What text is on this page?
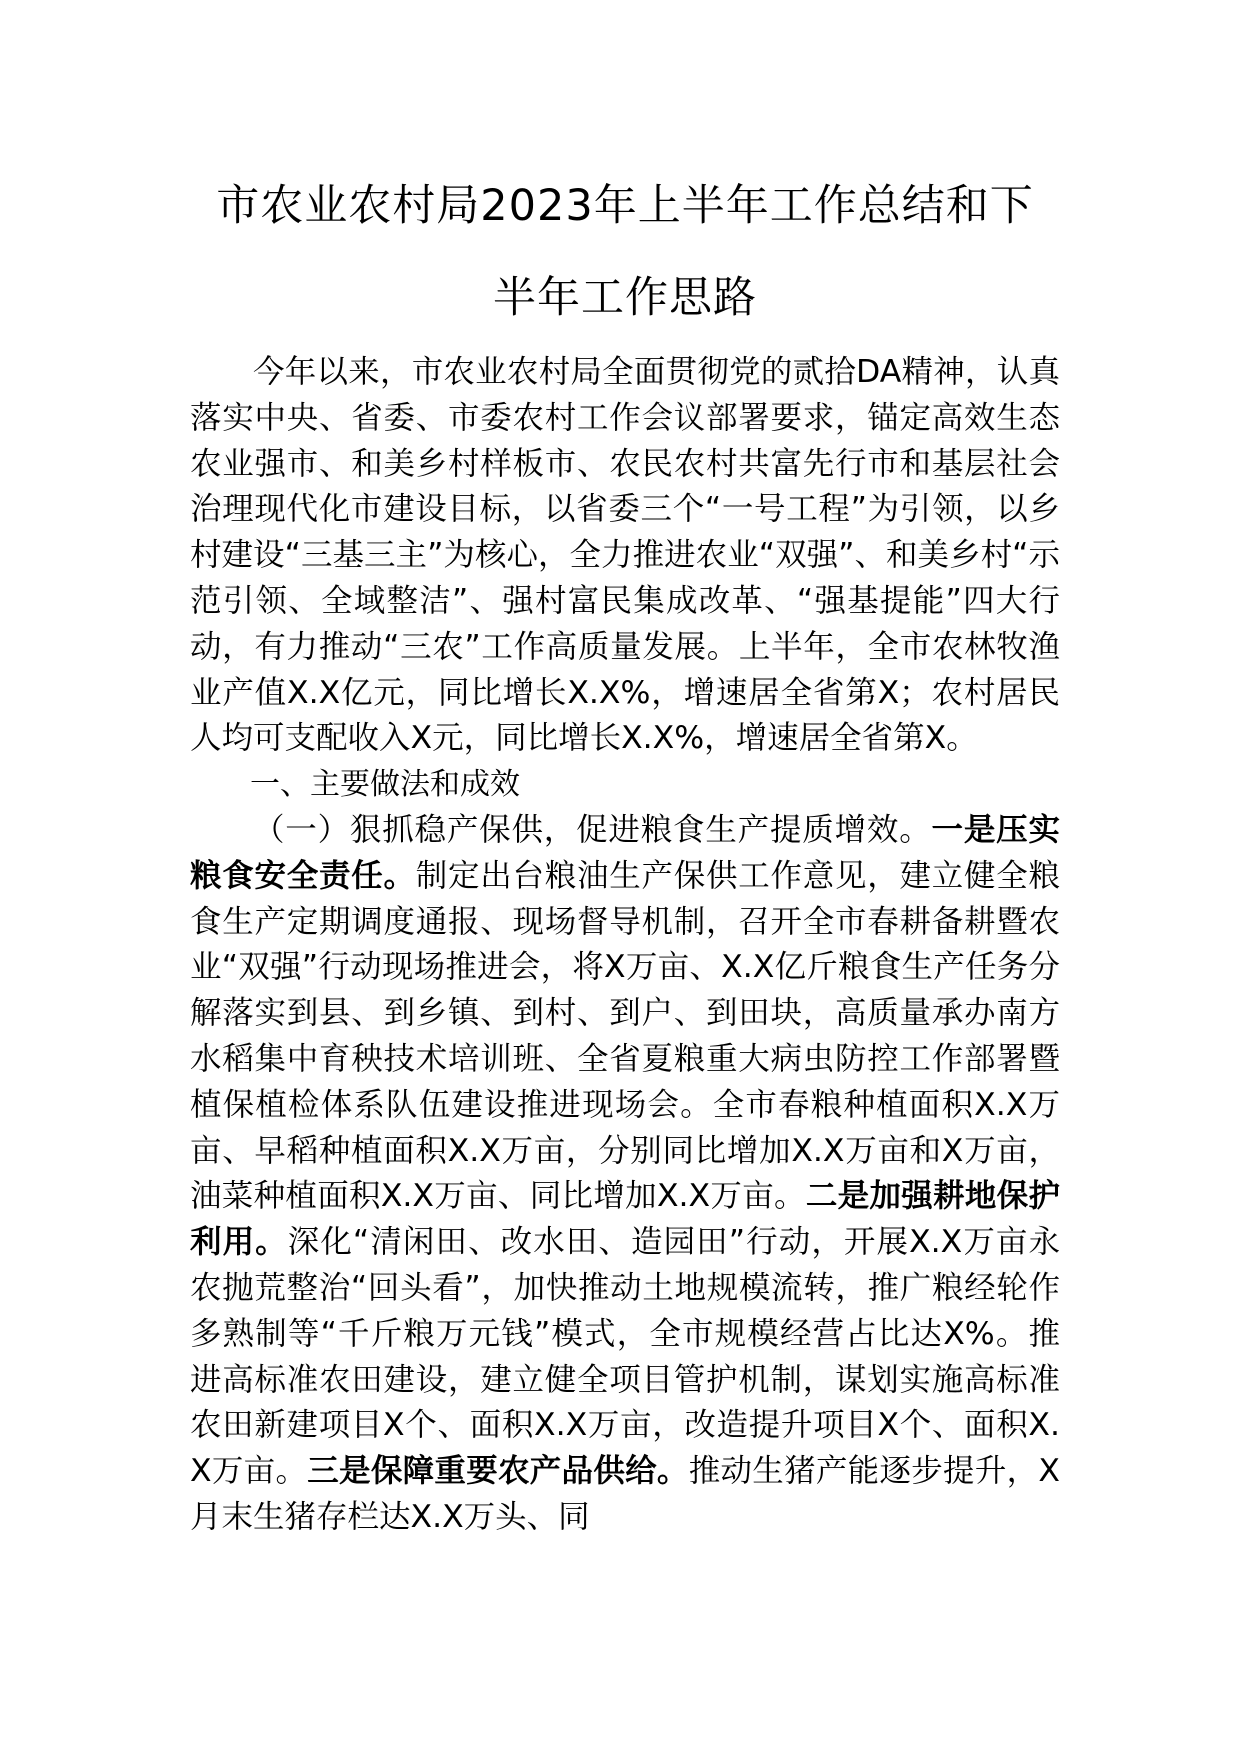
市农业农村局2023年上半年工作总结和下
半年工作思路

今年以来，市农业农村局全面贯彻党的贰拾DA精神，认真落实中央、省委、市委农村工作会议部署要求，锚定高效生态农业强市、和美乡村样板市、农民农村共富先行市和基层社会治理现代化市建设目标，以省委三个“一号工程”为引领，以乡村建设“三基三主”为核心，全力推进农业“双强”、和美乡村“示范引领、全域整洁”、强村富民集成改革、“强基提能”四大行动，有力推动“三农”工作高质量发展。上半年，全市农林牧渔业产值X.X亿元，同比增长X.X%，增速居全省第X；农村居民人均可支配收入X元，同比增长X.X%，增速居全省第X。

一、主要做法和成效

（一）狠抓稳产保供，促进粮食生产提质增效。一是压实粮食安全责任。制定出台粮油生产保供工作意见，建立健全粮食生产定期调度通报、现场督导机制，召开全市春耕备耕暨农业“双强”行动现场推进会，将X万亩、X.X亿斤粮食生产任务分解落实到县、到乡镇、到村、到户、到田块，高质量承办南方水稻集中育秧技术培训班、全省夏粮重大病虫防控工作部署暨植保植检体系队伍建设推进现场会。全市春粮种植面积X.X万亩、早稻种植面积X.X万亩，分别同比增加X.X万亩和X万亩，油菜种植面积X.X万亩、同比增加X.X万亩。二是加强耕地保护利用。深化“清闲田、改水田、造园田”行动，开展X.X万亩永农抛荒整治“回头看”，加快推动土地规模流转，推广粮经轮作多熟制等“千斤粮万元钱”模式，全市规模经营占比达X%。推进高标准农田建设，建立健全项目管护机制，谋划实施高标准农田新建项目X个、面积X.X万亩，改造提升项目X个、面积X.X万亩。三是保障重要农产品供给。推动生猪产能逐步提升，X月末生猪存栏达X.X万头、同
